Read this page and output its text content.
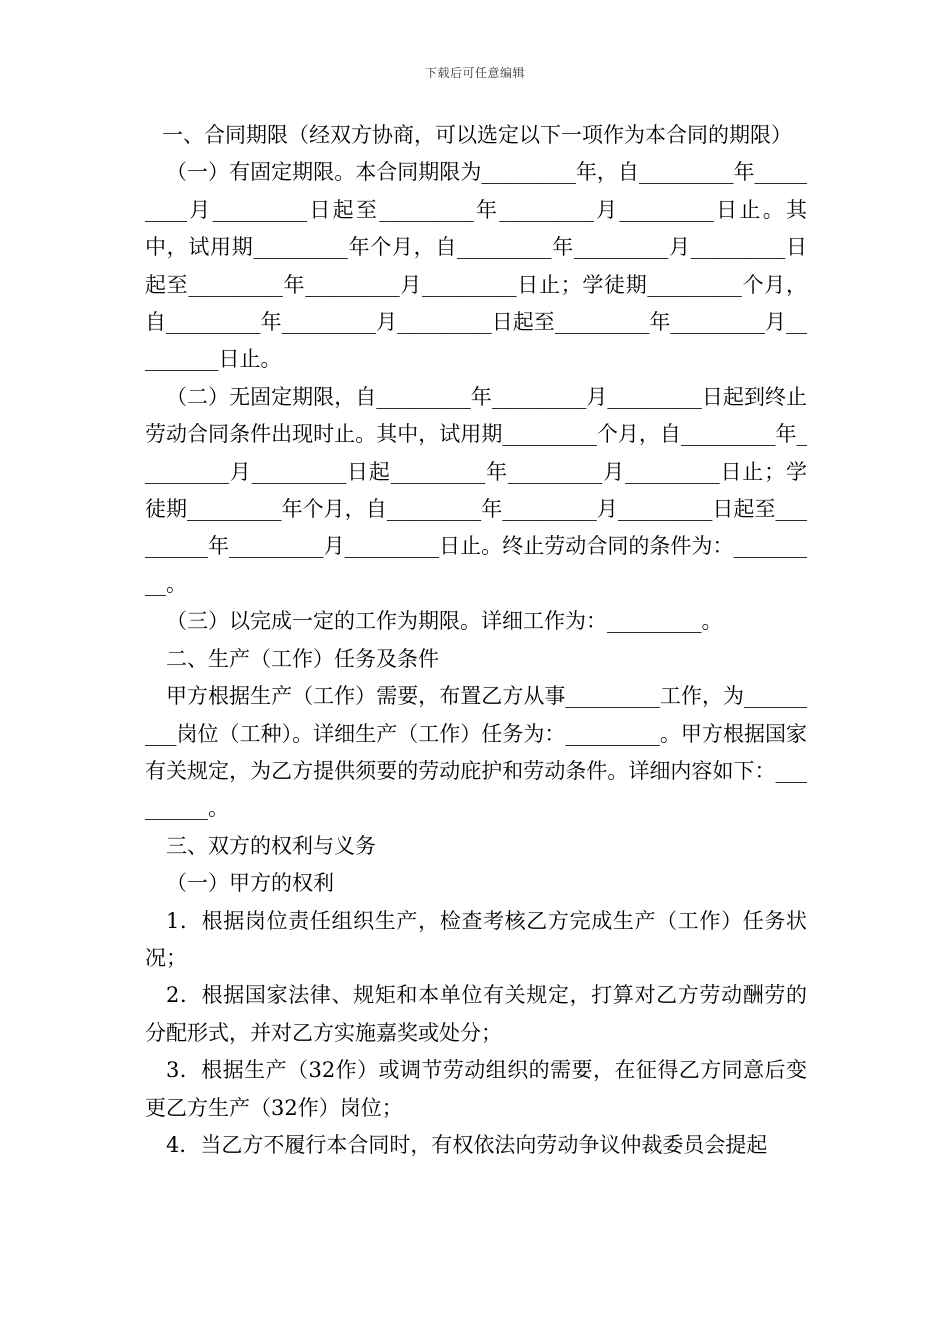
下载后可任意编辑

一、合同期限（经双方协商，可以选定以下一项作为本合同的期限）

（一）有固定期限。本合同期限为_________年，自_________年_________月_________日起至_________年_________月_________日止。其中，试用期_________年个月，自_________年_________月_________日起至_________年_________月_________日止；学徒期_________个月，自_________年_________月_________日起至_________年_________月_________日止。

（二）无固定期限，自_________年_________月_________日起到终止劳动合同条件出现时止。其中，试用期_________个月，自_________年_________月_________日起_________年_________月_________日止；学徒期_________年个月，自_________年_________月_________日起至_________年_________月_________日止。终止劳动合同的条件为：_________。

（三）以完成一定的工作为期限。详细工作为：_________。

二、生产（工作）任务及条件

甲方根据生产（工作）需要，布置乙方从事_________工作，为_________岗位（工种）。详细生产（工作）任务为：_________。甲方根据国家有关规定，为乙方提供须要的劳动庇护和劳动条件。详细内容如下：_________。

三、双方的权利与义务

（一）甲方的权利

1．根据岗位责任组织生产，检查考核乙方完成生产（工作）任务状况；

2．根据国家法律、规矩和本单位有关规定，打算对乙方劳动酬劳的分配形式，并对乙方实施嘉奖或处分；

3．根据生产（32作）或调节劳动组织的需要，在征得乙方同意后变更乙方生产（32作）岗位；

4．当乙方不履行本合同时，有权依法向劳动争议仲裁委员会提起
